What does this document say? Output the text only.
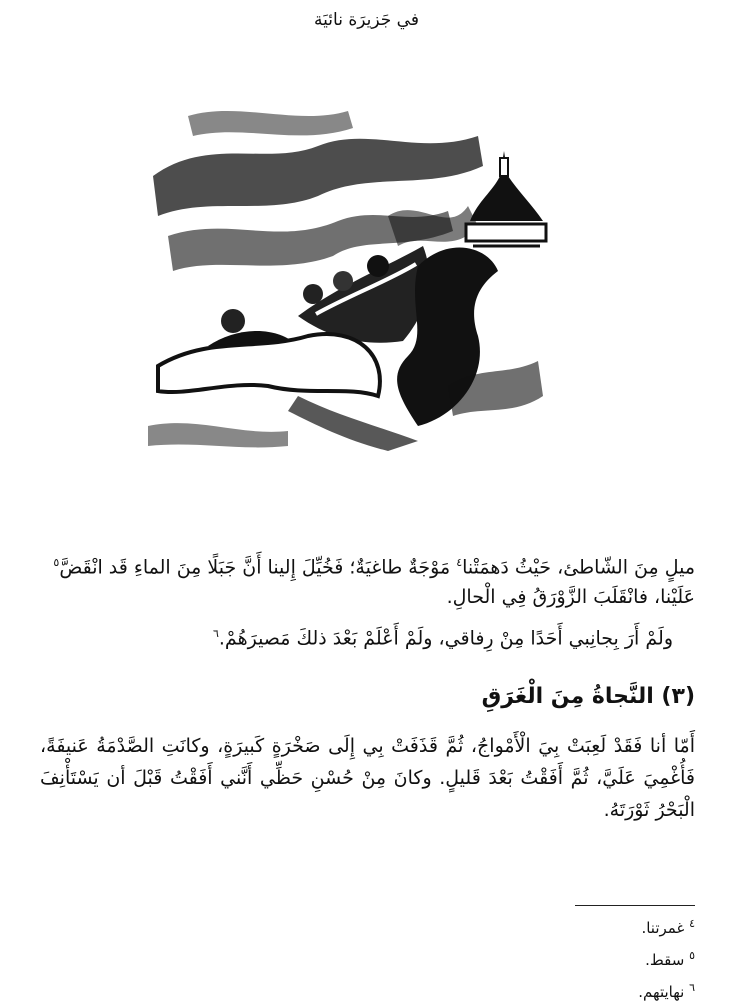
في جَزيرَة نائيَة
ميلٍ مِنَ الشّاطئ، حَيْثُ دَهمَتْنا$^٤$ مَوْجَةٌ طاغيَةٌ؛ فَخُيِّلَ إِلينا أَنَّ جَبَلًا مِنَ الماءِ قَد انْقَضَّ$^٥$
عَلَيْنا، فانْقَلَبَ الزَّوْرَقُ فِي الْحالِ.
ولَمْ أَرَ بِجانِبي أَحَدًا مِنْ رِفاقي، ولَمْ أَعْلَمْ بَعْدَ ذلكَ مَصيرَهُمْ.$^٦$
(٣) النَّجاةُ مِنَ الْغَرَقِ
أَمّا أنا فَقَدْ لَعِبَتْ بِيَ الْأَمْواجُ، ثُمَّ قَذَفَتْ بِي إِلَى صَخْرَةٍ كَبيرَةٍ، وكانَتِ الصَّدْمَةُ عَنيفَةً، فَأُغْمِيَ عَلَيَّ، ثُمَّ أَفَقْتُ بَعْدَ قَليلٍ. وكانَ مِنْ حُسْنِ حَظِّي أَنَّني أَفَقْتُ قَبْلَ أن يَسْتَأْنِفَ الْبَحْرُ ثَوْرَتَهُ.
$^٤$ غمرتنا.
$^٥$ سقط.
$^٦$ نهايتهم.
